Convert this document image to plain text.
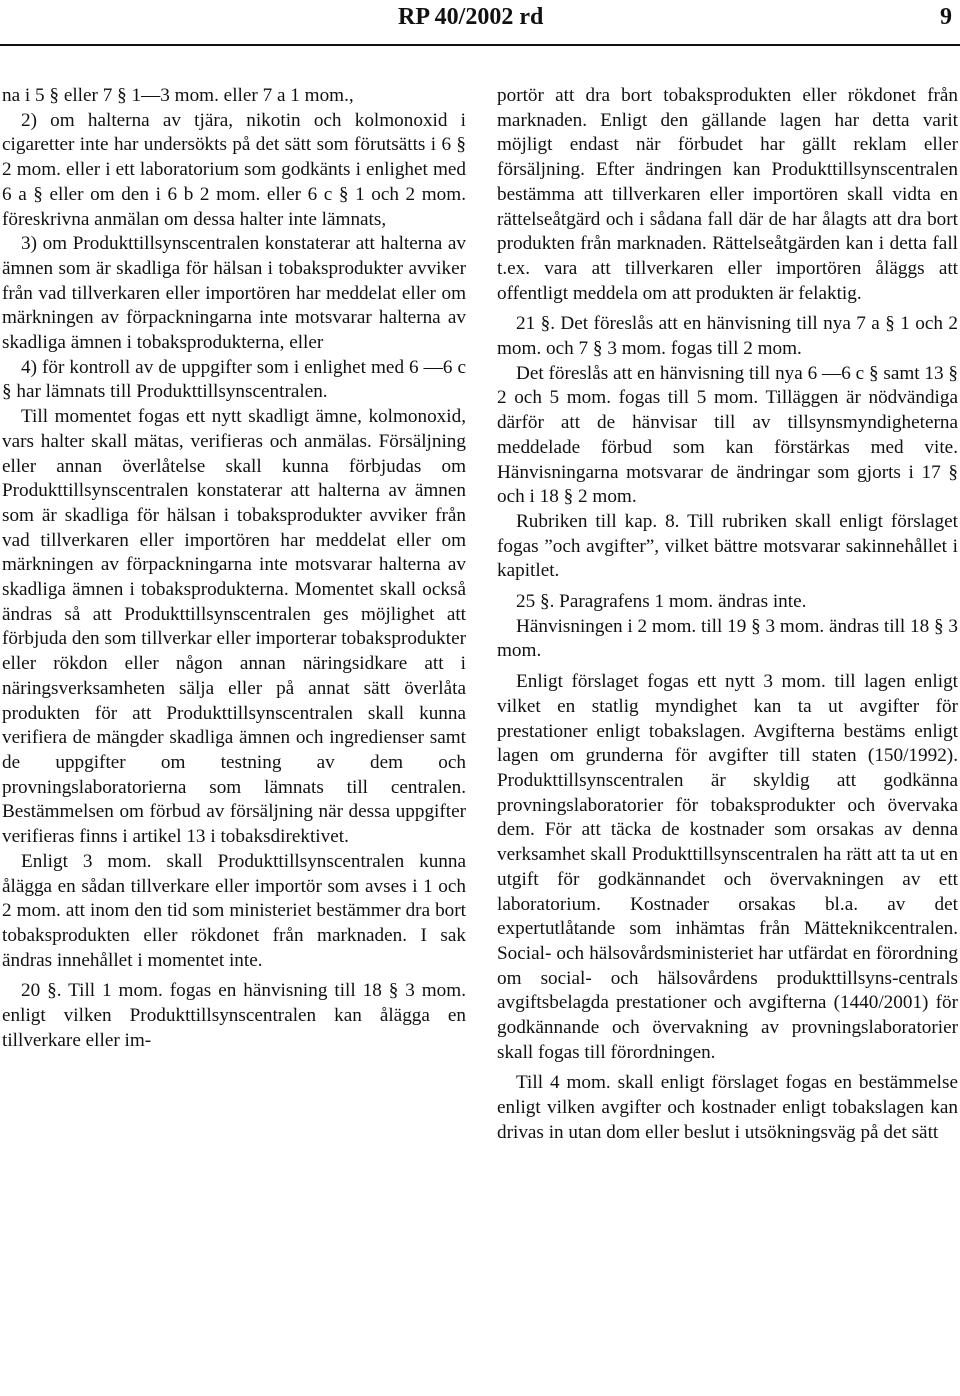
RP 40/2002 rd	9

na i 5 § eller 7 § 1—3 mom. eller 7 a 1 mom.,

2) om halterna av tjära, nikotin och kolmonoxid i cigaretter inte har undersökts på det sätt som förutsätts i 6 § 2 mom. eller i ett laboratorium som godkänts i enlighet med 6 a § eller om den i 6 b 2 mom. eller 6 c § 1 och 2 mom. föreskrivna anmälan om dessa halter inte lämnats,

3) om Produkttillsynscentralen konstaterar att halterna av ämnen som är skadliga för hälsan i tobaksprodukter avviker från vad tillverkaren eller importören har meddelat eller om märkningen av förpackningarna inte motsvarar halterna av skadliga ämnen i tobaksprodukterna, eller

4) för kontroll av de uppgifter som i enlighet med 6 —6 c § har lämnats till Produkttillsynscentralen.

Till momentet fogas ett nytt skadligt ämne, kolmonoxid, vars halter skall mätas, verifieras och anmälas. Försäljning eller annan överlåtelse skall kunna förbjudas om Produkttillsynscentralen konstaterar att halterna av ämnen som är skadliga för hälsan i tobaksprodukter avviker från vad tillverkaren eller importören har meddelat eller om märkningen av förpackningarna inte motsvarar halterna av skadliga ämnen i tobaksprodukterna. Momentet skall också ändras så att Produkttillsynscentralen ges möjlighet att förbjuda den som tillverkar eller importerar tobaksprodukter eller rökdon eller någon annan näringsidkare att i näringsverksamheten sälja eller på annat sätt överlåta produkten för att Produkttillsynscentralen skall kunna verifiera de mängder skadliga ämnen och ingredienser samt de uppgifter om testning av dem och provningslaboratorierna som lämnats till centralen. Bestämmelsen om förbud av försäljning när dessa uppgifter verifieras finns i artikel 13 i tobaksdirektivet.

Enligt 3 mom. skall Produkttillsynscentralen kunna ålägga en sådan tillverkare eller importör som avses i 1 och 2 mom. att inom den tid som ministeriet bestämmer dra bort tobaksprodukten eller rökdonet från marknaden. I sak ändras innehållet i momentet inte.

20 §. Till 1 mom. fogas en hänvisning till 18 § 3 mom. enligt vilken Produkttillsynscentralen kan ålägga en tillverkare eller im-

portör att dra bort tobaksprodukten eller rökdonet från marknaden. Enligt den gällande lagen har detta varit möjligt endast när förbudet har gällt reklam eller försäljning. Efter ändringen kan Produkttillsynscentralen bestämma att tillverkaren eller importören skall vidta en rättelseåtgärd och i sådana fall där de har ålagts att dra bort produkten från marknaden. Rättelseåtgärden kan i detta fall t.ex. vara att tillverkaren eller importören åläggs att offentligt meddela om att produkten är felaktig.

21 §. Det föreslås att en hänvisning till nya 7 a § 1 och 2 mom. och 7 § 3 mom. fogas till 2 mom.

Det föreslås att en hänvisning till nya 6 —6 c § samt 13 § 2 och 5 mom. fogas till 5 mom. Tilläggen är nödvändiga därför att de hänvisar till av tillsynsmyndigheterna meddelade förbud som kan förstärkas med vite. Hänvisningarna motsvarar de ändringar som gjorts i 17 § och i 18 § 2 mom.

Rubriken till kap. 8. Till rubriken skall enligt förslaget fogas ”och avgifter”, vilket bättre motsvarar sakinnehållet i kapitlet.

25 §. Paragrafens 1 mom. ändras inte.

Hänvisningen i 2 mom. till 19 § 3 mom. ändras till 18 § 3 mom.

Enligt förslaget fogas ett nytt 3 mom. till lagen enligt vilket en statlig myndighet kan ta ut avgifter för prestationer enligt tobakslagen. Avgifterna bestäms enligt lagen om grunderna för avgifter till staten (150/1992). Produkttillsynscentralen är skyldig att godkänna provningslaboratorier för tobaksprodukter och övervaka dem. För att täcka de kostnader som orsakas av denna verksamhet skall Produkttillsynscentralen ha rätt att ta ut en utgift för godkännandet och övervakningen av ett laboratorium. Kostnader orsakas bl.a. av det expertutlåtande som inhämtas från Mätteknikcentralen. Social- och hälsovårdsministeriet har utfärdat en förordning om social- och hälsovårdens produkttillsyns-centrals avgiftsbelagda prestationer och avgifterna (1440/2001) för godkännande och övervakning av provningslaboratorier skall fogas till förordningen.

Till 4 mom. skall enligt förslaget fogas en bestämmelse enligt vilken avgifter och kostnader enligt tobakslagen kan drivas in utan dom eller beslut i utsökningsväg på det sätt
